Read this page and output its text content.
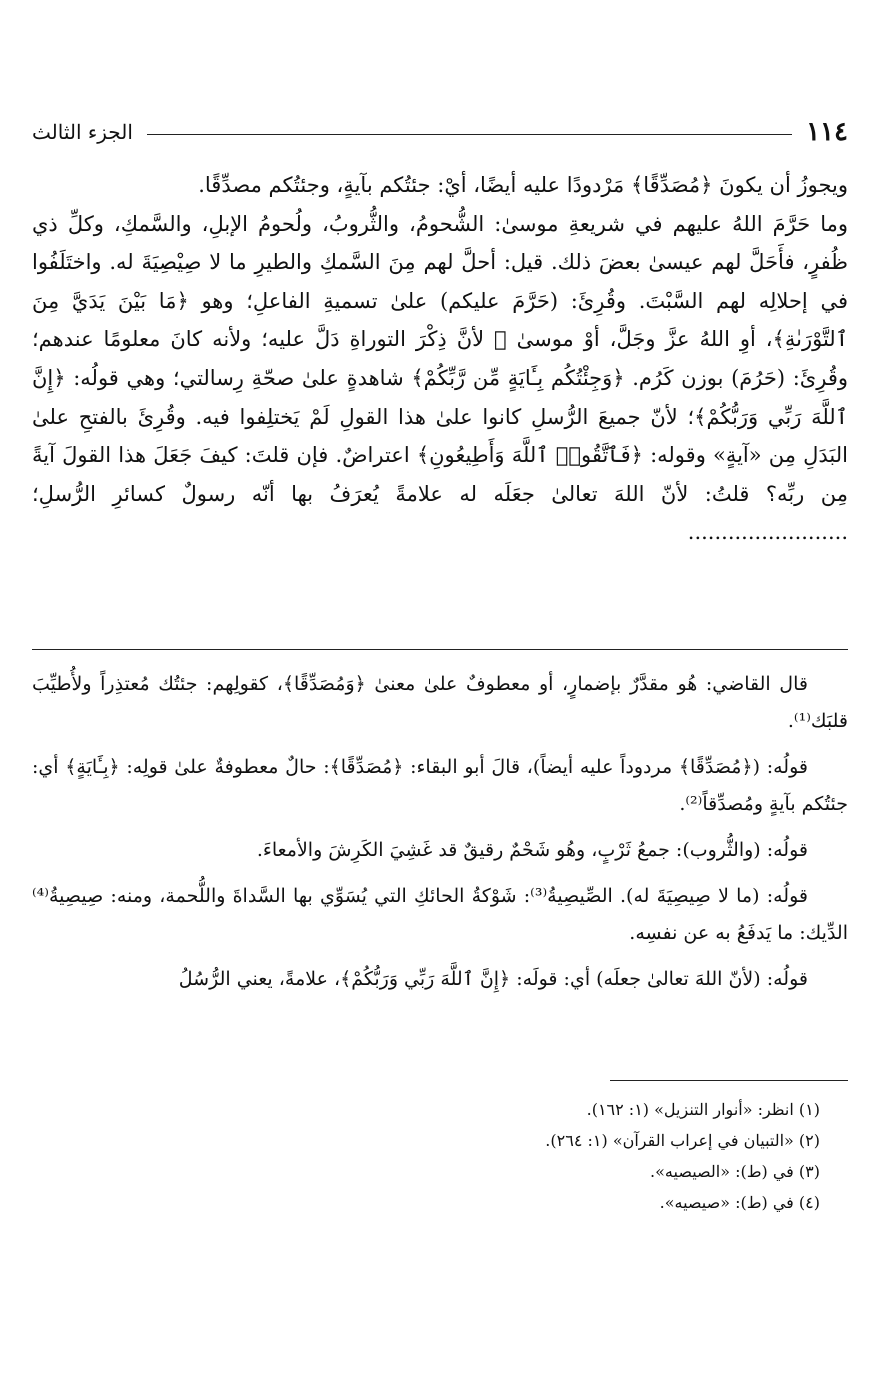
١١٤
الجزء الثالث

ويجوزُ أن يكونَ ﴿مُصَدِّقًا﴾ مَرْدودًا عليه أيضًا، أيْ: جئتُكم بآيةٍ، وجئتُكم مصدِّقًا.

وما حَرَّمَ اللهُ عليهم في شريعةِ موسىٰ: الشُّحومُ، والثُّروبُ، ولُحومُ الإبلِ، والسَّمكِ، وكلِّ ذي ظُفرٍ، فأَحَلَّ لهم عيسىٰ بعضَ ذلك. قيل: أحلَّ لهم مِنَ السَّمكِ والطيرِ ما لا صِيْصِيَةَ له. واختَلَفُوا في إحلالِه لهم السَّبْتَ. وقُرِئَ: (حَرَّمَ عليكم) علىٰ تسميةِ الفاعلِ؛ وهو ﴿مَا بَيْنَ يَدَيَّ مِنَ ٱلتَّوْرَىٰةِ﴾، أوِ اللهُ عزَّ وجَلَّ، أوْ موسىٰ ﷺ لأنَّ ذِكْرَ التوراةِ دَلَّ عليه؛ ولأنه كانَ معلومًا عندهم؛ وقُرِئَ: (حَرُمَ) بوزن كَرُم. ﴿وَجِئْتُكُم بِـَٔايَةٍ مِّن رَّبِّكُمْ﴾ شاهدةٍ علىٰ صحّةِ رِسالتي؛ وهي قولُه: ﴿إِنَّ ٱللَّهَ رَبِّي وَرَبُّكُمْ﴾؛ لأنّ جميعَ الرُّسلِ كانوا علىٰ هذا القولِ لَمْ يَختلِفوا فيه. وقُرِئَ بالفتحِ علىٰ البَدَلِ مِن «آيةٍ» وقوله: ﴿فَٱتَّقُوا۟ ٱللَّهَ وَأَطِيعُونِ﴾ اعتراضٌ. فإن قلتَ: كيفَ جَعَلَ هذا القولَ آيةً مِن ربِّه؟ قلتُ: لأنّ اللهَ تعالىٰ جعَلَه له علامةً يُعرَفُ بها أنّه رسولٌ كسائرِ الرُّسلِ؛ ........................

قال القاضي: هُو مقدَّرٌ بإضمارٍ، أو معطوفٌ علىٰ معنىٰ ﴿وَمُصَدِّقًا﴾، كقولِهم: جئتُك مُعتذِراً ولأُطيِّبَ قلبَك⁽¹⁾.

قولُه: (﴿مُصَدِّقًا﴾ مردوداً عليه أيضاً)، قالَ أبو البقاء: ﴿مُصَدِّقًا﴾: حالٌ معطوفةٌ علىٰ قولِه: ﴿بِـَٔايَةٍ﴾ أي: جئتُكم بآيةٍ ومُصدِّقاً⁽²⁾.

قولُه: (والثُّروب): جمعُ ثَرْبٍ، وهُو شَحْمٌ رقيقٌ قد غَشِيَ الكَرِشَ والأمعاءَ.

قولُه: (ما لا صِيصِيَةَ له). الصِّيصِيةُ⁽³⁾: شَوْكةُ الحائكِ التي يُسَوِّي بها السَّداةَ واللُّحمة، ومنه: صِيصِيةُ⁽⁴⁾ الدِّيك: ما يَدفَعُ به عن نفسِه.

قولُه: (لأنّ اللهَ تعالىٰ جعلَه) أي: قولَه: ﴿إِنَّ ٱللَّهَ رَبِّي وَرَبُّكُمْ﴾، علامةً، يعني الرُّسُلُ

(١) انظر: «أنوار التنزيل» (١: ١٦٢).

(٢) «التبيان في إعراب القرآن» (١: ٢٦٤).

(٣) في (ط): «الصيصيه».

(٤) في (ط): «صيصيه».
